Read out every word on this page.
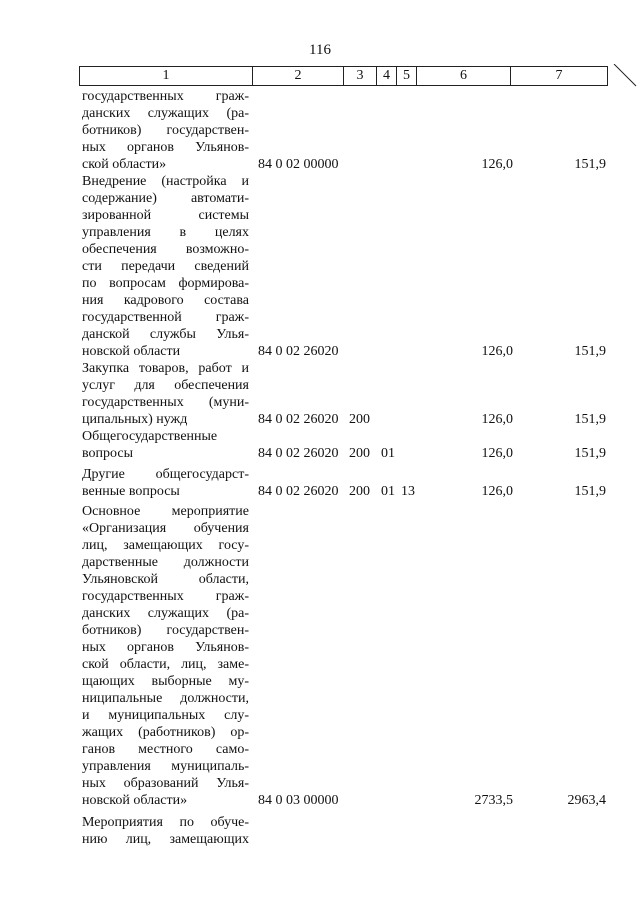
116
1	2	3	4 5	6	7
государственных граж-
данских служащих (ра-
ботников) государствен-
ных органов Ульянов-
ской области»	84 0 02 00000	126,0	151,9
Внедрение (настройка и
содержание) автомати-
зированной системы
управления в целях
обеспечения возможно-
сти передачи сведений
по вопросам формирова-
ния кадрового состава
государственной граж-
данской службы Улья-
новской области	84 0 02 26020	126,0	151,9
Закупка товаров, работ и
услуг для обеспечения
государственных (муни-
ципальных) нужд	84 0 02 26020 200	126,0	151,9
Общегосударственные
вопросы	84 0 02 26020 200 01	126,0	151,9
Другие общегосударст-
венные вопросы	84 0 02 26020 200 01 13	126,0	151,9
Основное мероприятие
«Организация обучения
лиц, замещающих госу-
дарственные должности
Ульяновской области,
государственных граж-
данских служащих (ра-
ботников) государствен-
ных органов Ульянов-
ской области, лиц, заме-
щающих выборные му-
ниципальные должности,
и муниципальных слу-
жащих (работников) ор-
ганов местного само-
управления муниципаль-
ных образований Улья-
новской области»	84 0 03 00000	2733,5	2963,4
Мероприятия по обуче-
нию лиц, замещающих
